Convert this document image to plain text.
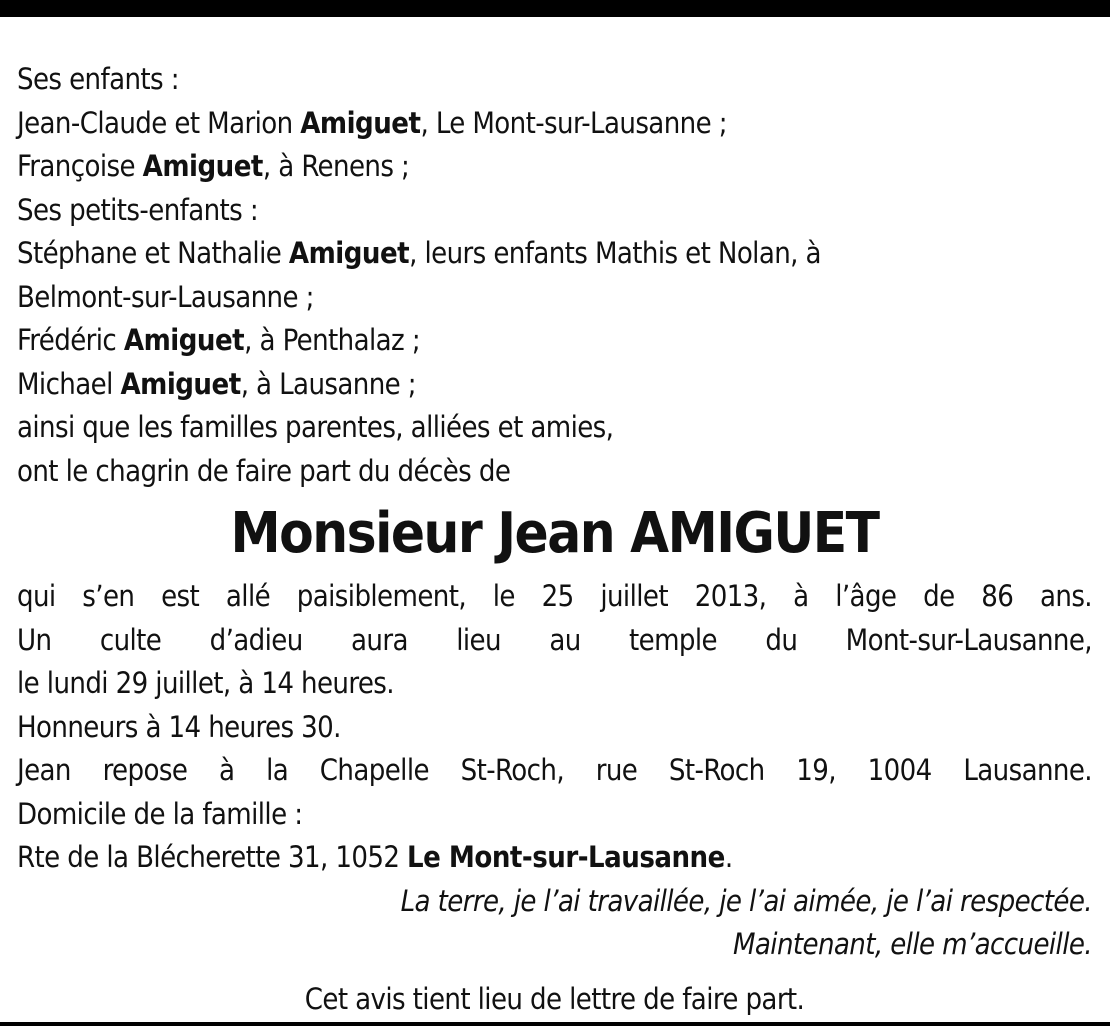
Ses enfants :
Jean-Claude et Marion Amiguet, Le Mont-sur-Lausanne ;
Françoise Amiguet, à Renens ;
Ses petits-enfants :
Stéphane et Nathalie Amiguet, leurs enfants Mathis et Nolan, à
Belmont-sur-Lausanne ;
Frédéric Amiguet, à Penthalaz ;
Michael Amiguet, à Lausanne ;
ainsi que les familles parentes, alliées et amies,
ont le chagrin de faire part du décès de
Monsieur Jean AMIGUET
qui s’en est allé paisiblement, le 25 juillet 2013, à l’âge de 86 ans.
Un culte d’adieu aura lieu au temple du Mont-sur-Lausanne,
le lundi 29 juillet, à 14 heures.
Honneurs à 14 heures 30.
Jean repose à la Chapelle St-Roch, rue St-Roch 19, 1004 Lausanne.
Domicile de la famille :
Rte de la Blécherette 31, 1052 Le Mont-sur-Lausanne.
La terre, je l’ai travaillée, je l’ai aimée, je l’ai respectée.
Maintenant, elle m’accueille.
Cet avis tient lieu de lettre de faire part.
